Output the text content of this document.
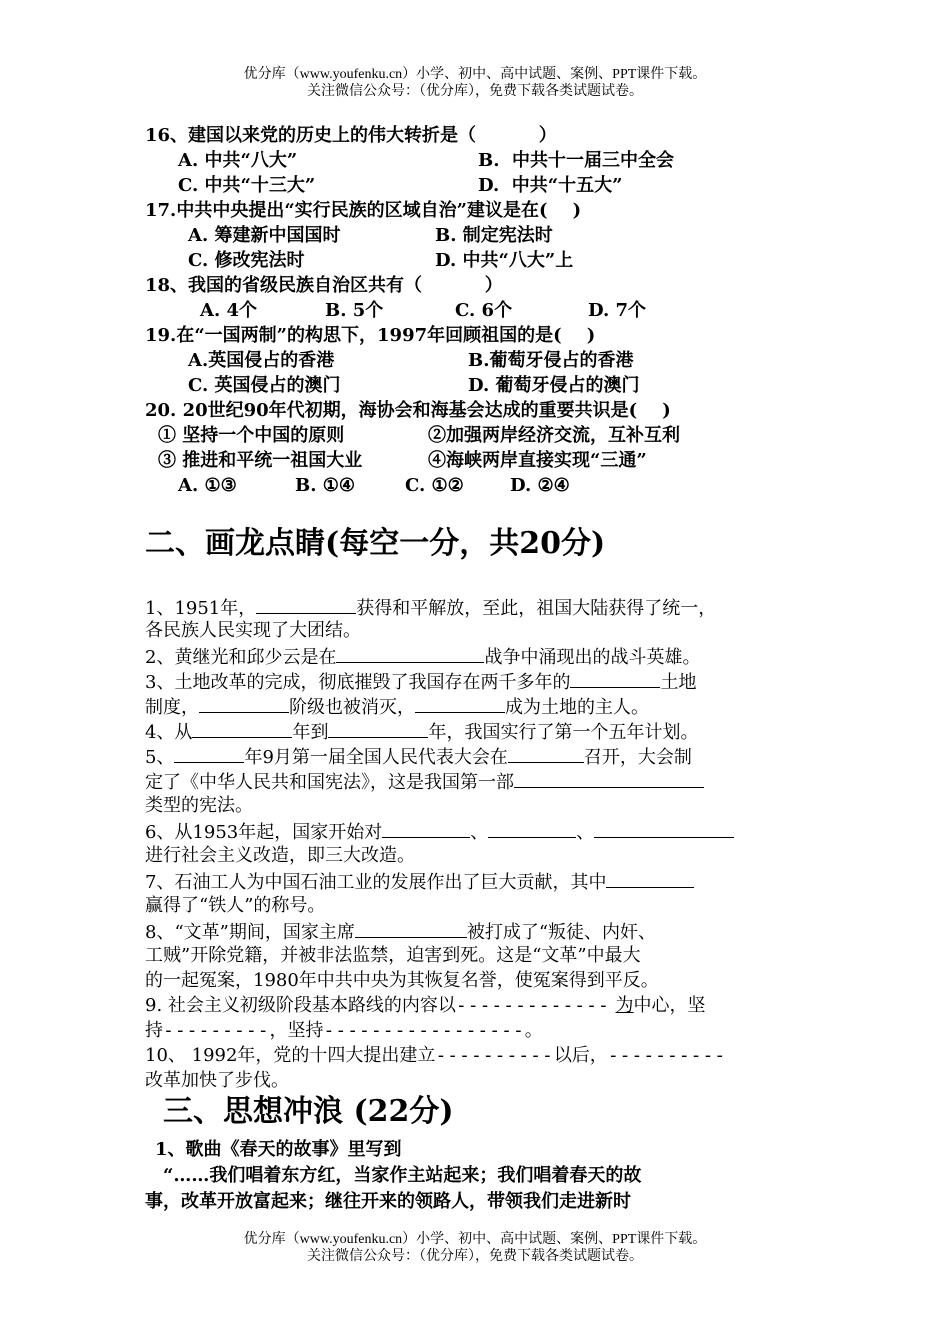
优分库（www.youfenku.cn）小学、初中、高中试题、案例、PPT课件下载。
关注微信公众号：（优分库），免费下载各类试题试卷。
16、建国以来党的历史上的伟大转折是（          ）
A. 中共“八大”	B.  中共十一届三中全会
C. 中共“十三大”	D.  中共“十五大”
17.中共中央提出“实行民族的区域自治”建议是在(    )
A. 筹建新中国国时	B. 制定宪法时
C. 修改宪法时	D. 中共“八大”上
18、我国的省级民族自治区共有（          ）
A. 4个	B. 5个	C. 6个	D. 7个
19.在“一国两制”的构思下，1997年回顾祖国的是(    )
A.英国侵占的香港	B.葡萄牙侵占的香港
C. 英国侵占的澳门	D. 葡萄牙侵占的澳门
20. 20世纪90年代初期，海协会和海基会达成的重要共识是(    )
① 坚持一个中国的原则	②加强两岸经济交流，互补互利
③ 推进和平统一祖国大业	④海峡两岸直接实现“三通”
A. ①③	B. ①④	C. ①②	D. ②④
二、画龙点睛(每空一分，共20分)
1、1951年，	获得和平解放，至此，祖国大陆获得了统一，
各民族人民实现了大团结。
2、黄继光和邱少云是在	战争中涌现出的战斗英雄。
3、土地改革的完成，彻底摧毁了我国存在两千多年的	土地
制度，	阶级也被消灭，	成为土地的主人。
4、从	年到	年，我国实行了第一个五年计划。
5、	年9月第一届全国人民代表大会在	召开，大会制
定了《中华人民共和国宪法》，这是我国第一部
类型的宪法。
6、从1953年起，国家开始对	、	、
进行社会主义改造，即三大改造。
7、石油工人为中国石油工业的发展作出了巨大贡献，其中
赢得了“铁人”的称号。
8、“文革”期间，国家主席	被打成了“叛徒、内奸、
工贼”开除党籍，并被非法监禁，迫害到死。这是“文革”中最大
的一起冤案，1980年中共中央为其恢复名誉，使冤案得到平反。
9. 社会主义初级阶段基本路线的内容以------------- 为中心，坚
持---------，坚持-----------------。
10、 1992年，党的十四大提出建立----------以后，----------
改革加快了步伐。
三、思想冲浪 (22分)
1、歌曲《春天的故事》里写到
“……我们唱着东方红，当家作主站起来；我们唱着春天的故
事，改革开放富起来；继往开来的领路人，带领我们走进新时
优分库（www.youfenku.cn）小学、初中、高中试题、案例、PPT课件下载。
关注微信公众号：（优分库），免费下载各类试题试卷。
